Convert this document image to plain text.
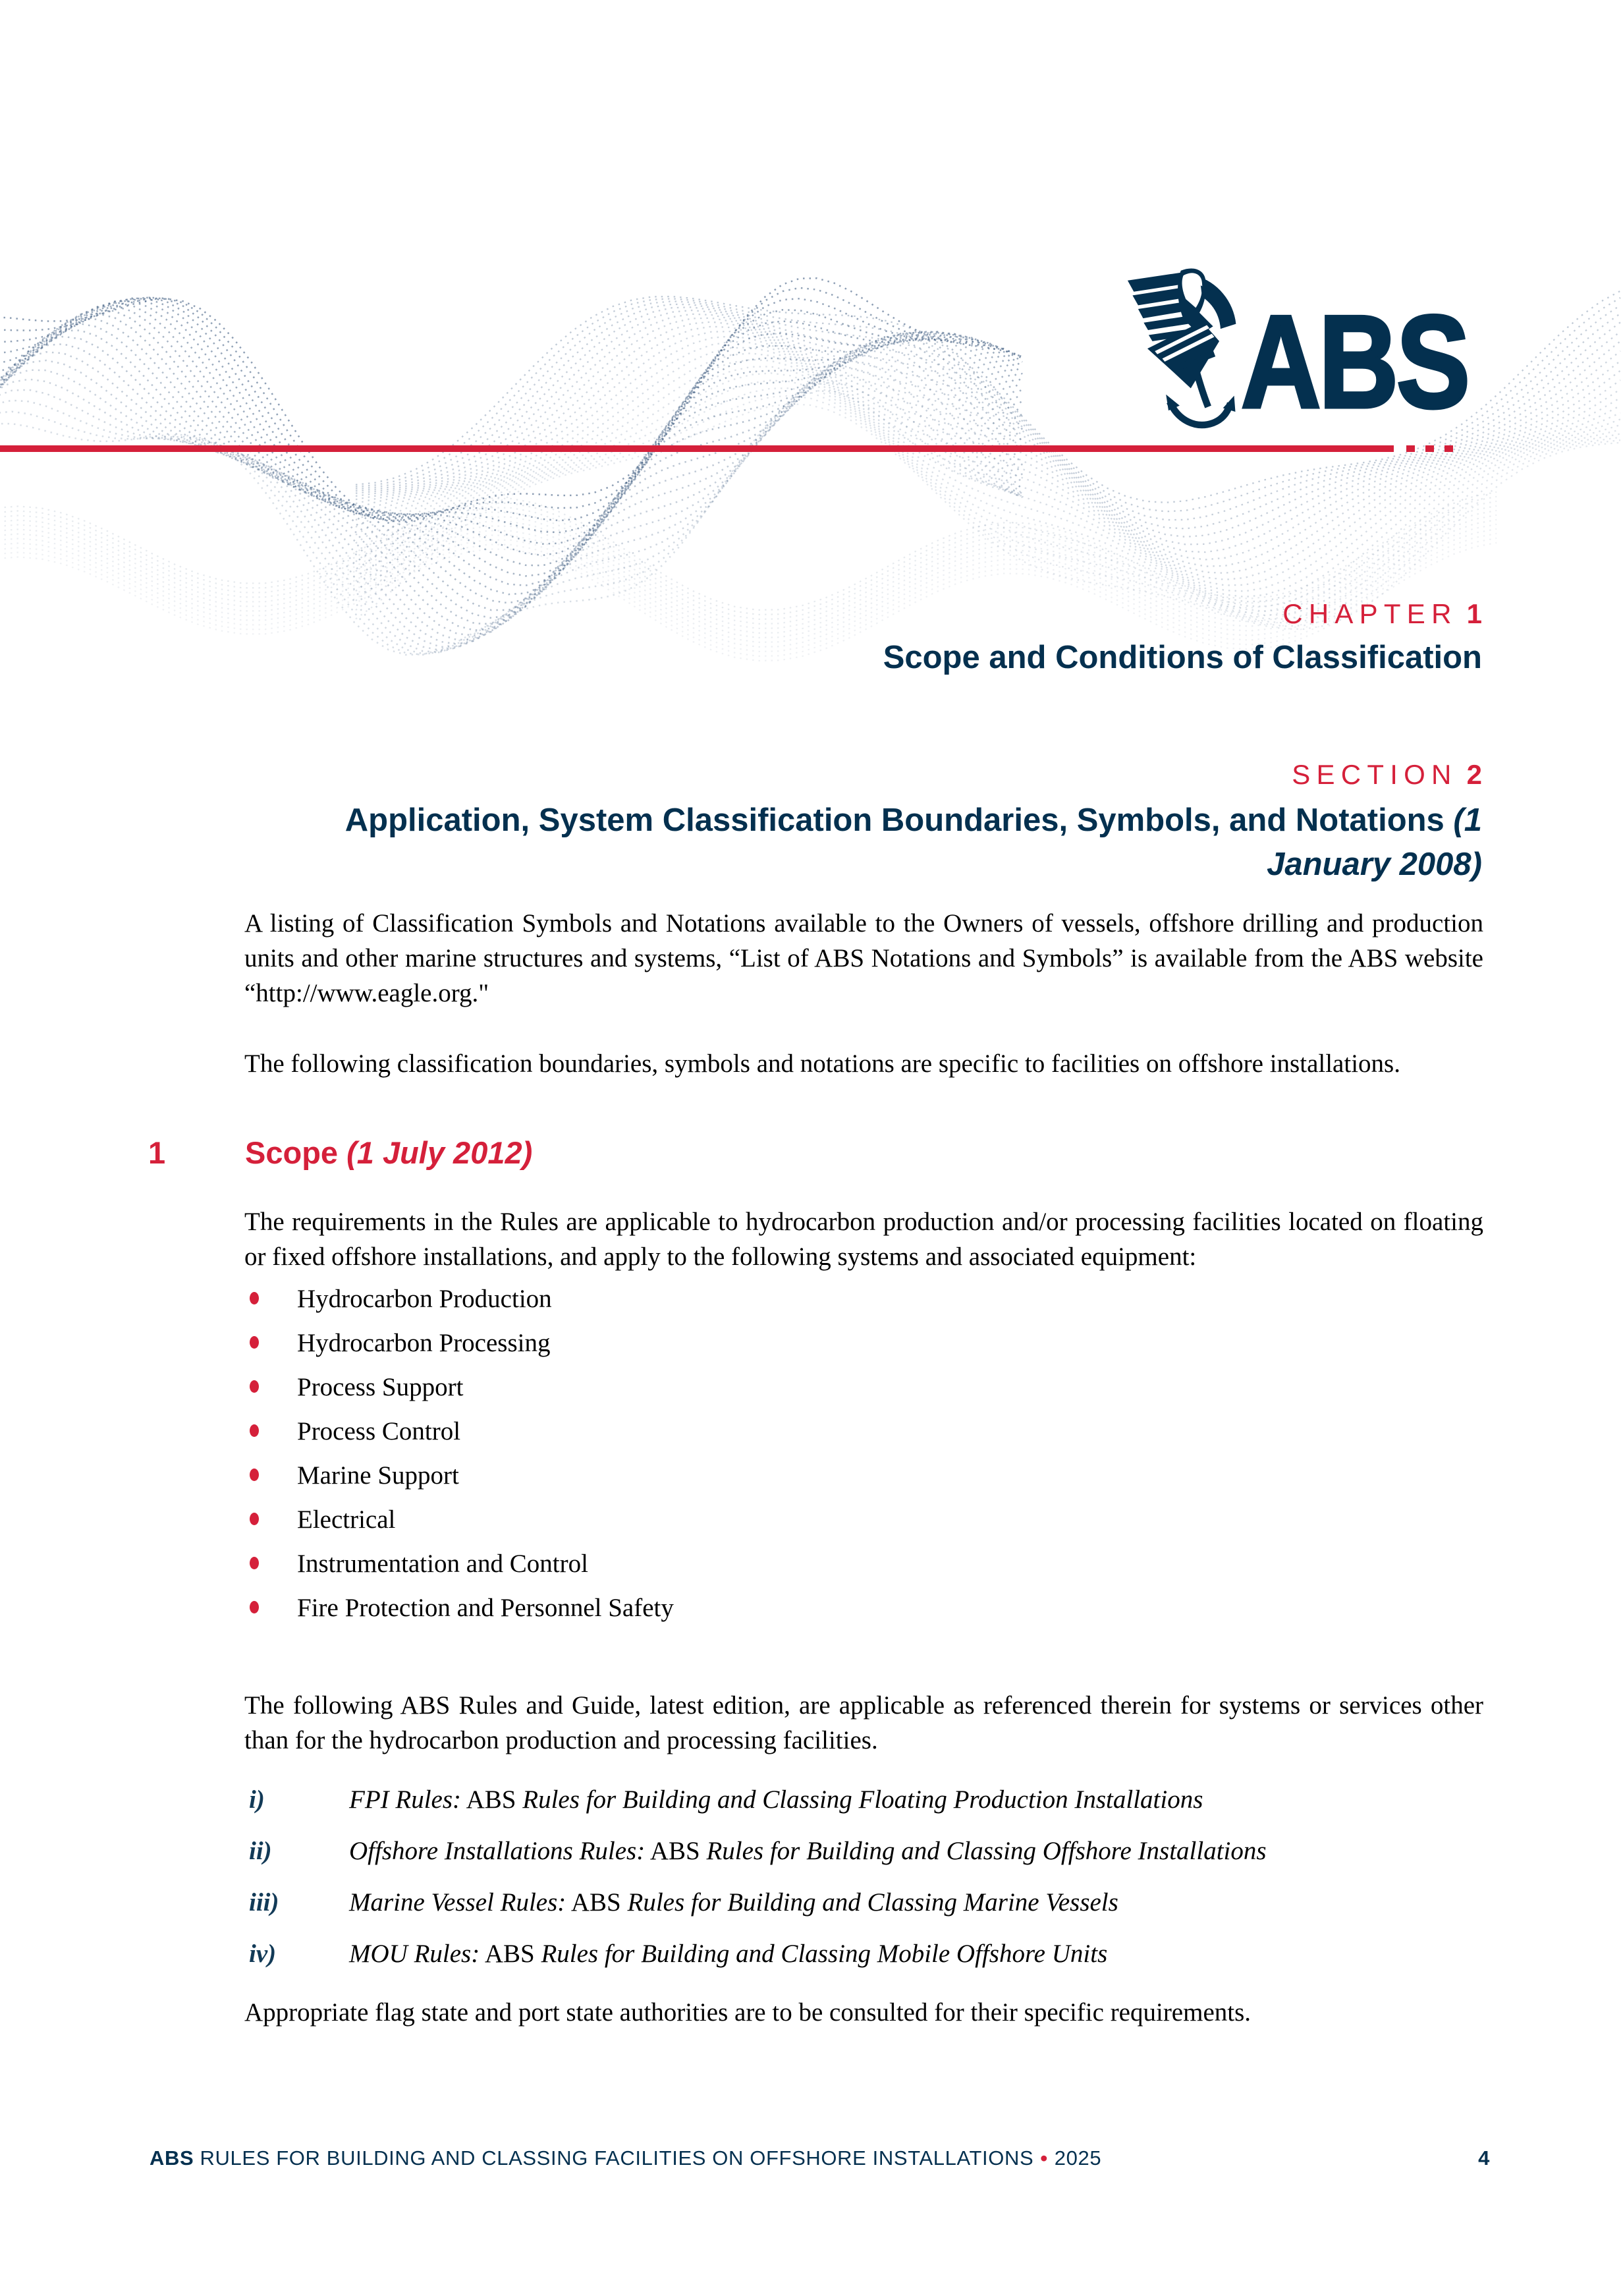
ABS
CHAPTER 1
Scope and Conditions of Classification
SECTION 2
Application, System Classification Boundaries, Symbols, and Notations (1
January 2008)

A listing of Classification Symbols and Notations available to the Owners of vessels, offshore drilling and production units and other marine structures and systems, “List of ABS Notations and Symbols” is available from the ABS website “http://www.eagle.org."

The following classification boundaries, symbols and notations are specific to facilities on offshore installations.

1	Scope (1 July 2012)

The requirements in the Rules are applicable to hydrocarbon production and/or processing facilities located on floating or fixed offshore installations, and apply to the following systems and associated equipment:

Hydrocarbon Production
Hydrocarbon Processing
Process Support
Process Control
Marine Support
Electrical
Instrumentation and Control
Fire Protection and Personnel Safety

The following ABS Rules and Guide, latest edition, are applicable as referenced therein for systems or services other than for the hydrocarbon production and processing facilities.

i)	FPI Rules: ABS Rules for Building and Classing Floating Production Installations
ii)	Offshore Installations Rules: ABS Rules for Building and Classing Offshore Installations
iii)	Marine Vessel Rules: ABS Rules for Building and Classing Marine Vessels
iv)	MOU Rules: ABS Rules for Building and Classing Mobile Offshore Units

Appropriate flag state and port state authorities are to be consulted for their specific requirements.

ABS RULES FOR BUILDING AND CLASSING FACILITIES ON OFFSHORE INSTALLATIONS • 2025	4
